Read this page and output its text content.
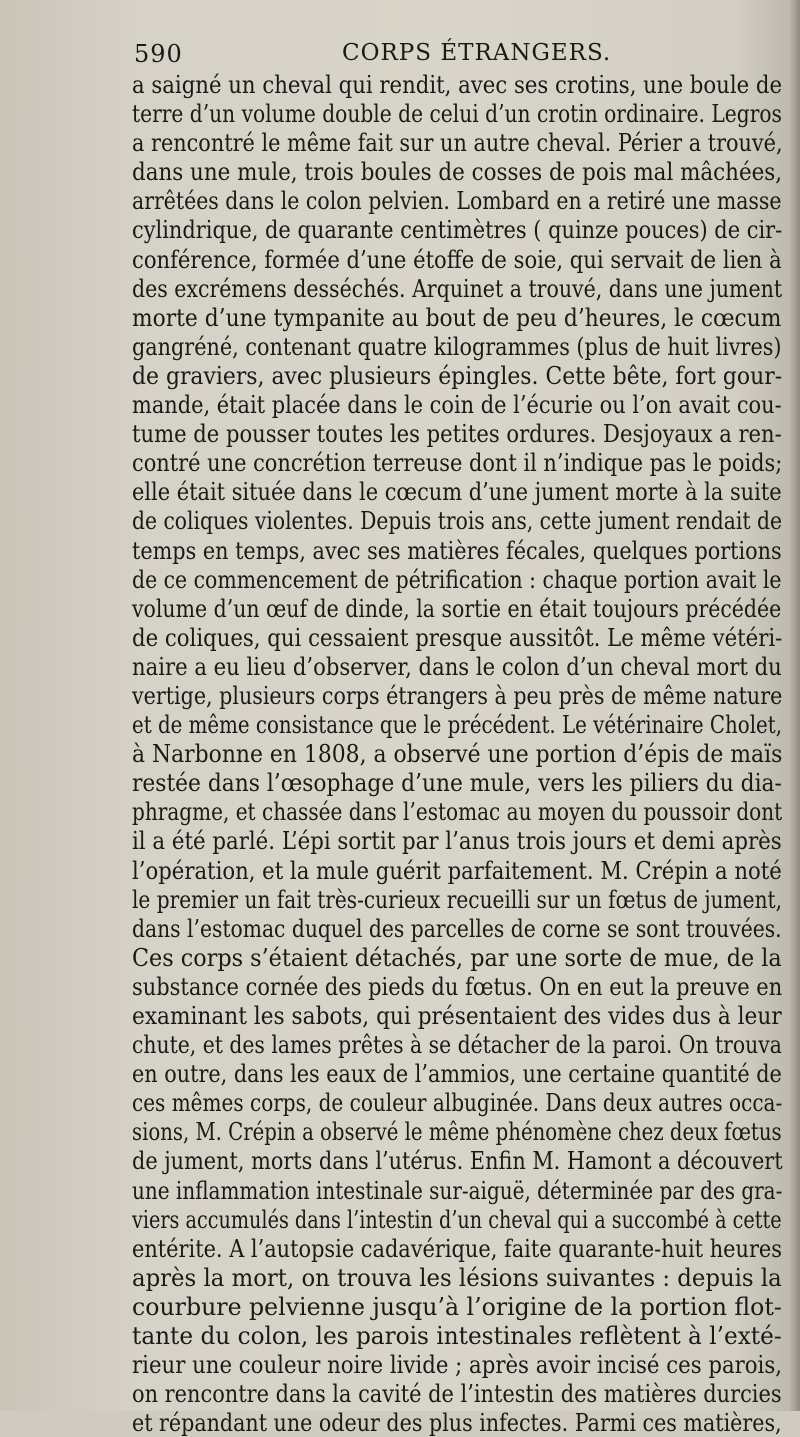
590	CORPS ÉTRANGERS.
a saigné un cheval qui rendit, avec ses crotins, une boule de
terre d’un volume double de celui d’un crotin ordinaire. Legros
a rencontré le même fait sur un autre cheval. Périer a trouvé,
dans une mule, trois boules de cosses de pois mal mâchées,
arrêtées dans le colon pelvien. Lombard en a retiré une masse
cylindrique, de quarante centimètres ( quinze pouces) de cir-
conférence, formée d’une étoffe de soie, qui servait de lien à
des excrémens desséchés. Arquinet a trouvé, dans une jument
morte d’une tympanite au bout de peu d’heures, le cœcum
gangréné, contenant quatre kilogrammes (plus de huit livres)
de graviers, avec plusieurs épingles. Cette bête, fort gour-
mande, était placée dans le coin de l’écurie ou l’on avait cou-
tume de pousser toutes les petites ordures. Desjoyaux a ren-
contré une concrétion terreuse dont il n’indique pas le poids;
elle était située dans le cœcum d’une jument morte à la suite
de coliques violentes. Depuis trois ans, cette jument rendait de
temps en temps, avec ses matières fécales, quelques portions
de ce commencement de pétrification : chaque portion avait le
volume d’un œuf de dinde, la sortie en était toujours précédée
de coliques, qui cessaient presque aussitôt. Le même vétéri-
naire a eu lieu d’observer, dans le colon d’un cheval mort du
vertige, plusieurs corps étrangers à peu près de même nature
et de même consistance que le précédent. Le vétérinaire Cholet,
à Narbonne en 1808, a observé une portion d’épis de maïs
restée dans l’œsophage d’une mule, vers les piliers du dia-
phragme, et chassée dans l’estomac au moyen du poussoir dont
il a été parlé. L’épi sortit par l’anus trois jours et demi après
l’opération, et la mule guérit parfaitement. M. Crépin a noté
le premier un fait très-curieux recueilli sur un fœtus de jument,
dans l’estomac duquel des parcelles de corne se sont trouvées.
Ces corps s’étaient détachés, par une sorte de mue, de la
substance cornée des pieds du fœtus. On en eut la preuve en
examinant les sabots, qui présentaient des vides dus à leur
chute, et des lames prêtes à se détacher de la paroi. On trouva
en outre, dans les eaux de l’ammios, une certaine quantité de
ces mêmes corps, de couleur albuginée. Dans deux autres occa-
sions, M. Crépin a observé le même phénomène chez deux fœtus
de jument, morts dans l’utérus. Enfin M. Hamont a découvert
une inflammation intestinale sur-aiguë, déterminée par des gra-
viers accumulés dans l’intestin d’un cheval qui a succombé à cette
entérite. A l’autopsie cadavérique, faite quarante-huit heures
après la mort, on trouva les lésions suivantes : depuis la
courbure pelvienne jusqu’à l’origine de la portion flot-
tante du colon, les parois intestinales reflètent à l’exté-
rieur une couleur noire livide ; après avoir incisé ces parois,
on rencontre dans la cavité de l’intestin des matières durcies
et répandant une odeur des plus infectes. Parmi ces matières,
